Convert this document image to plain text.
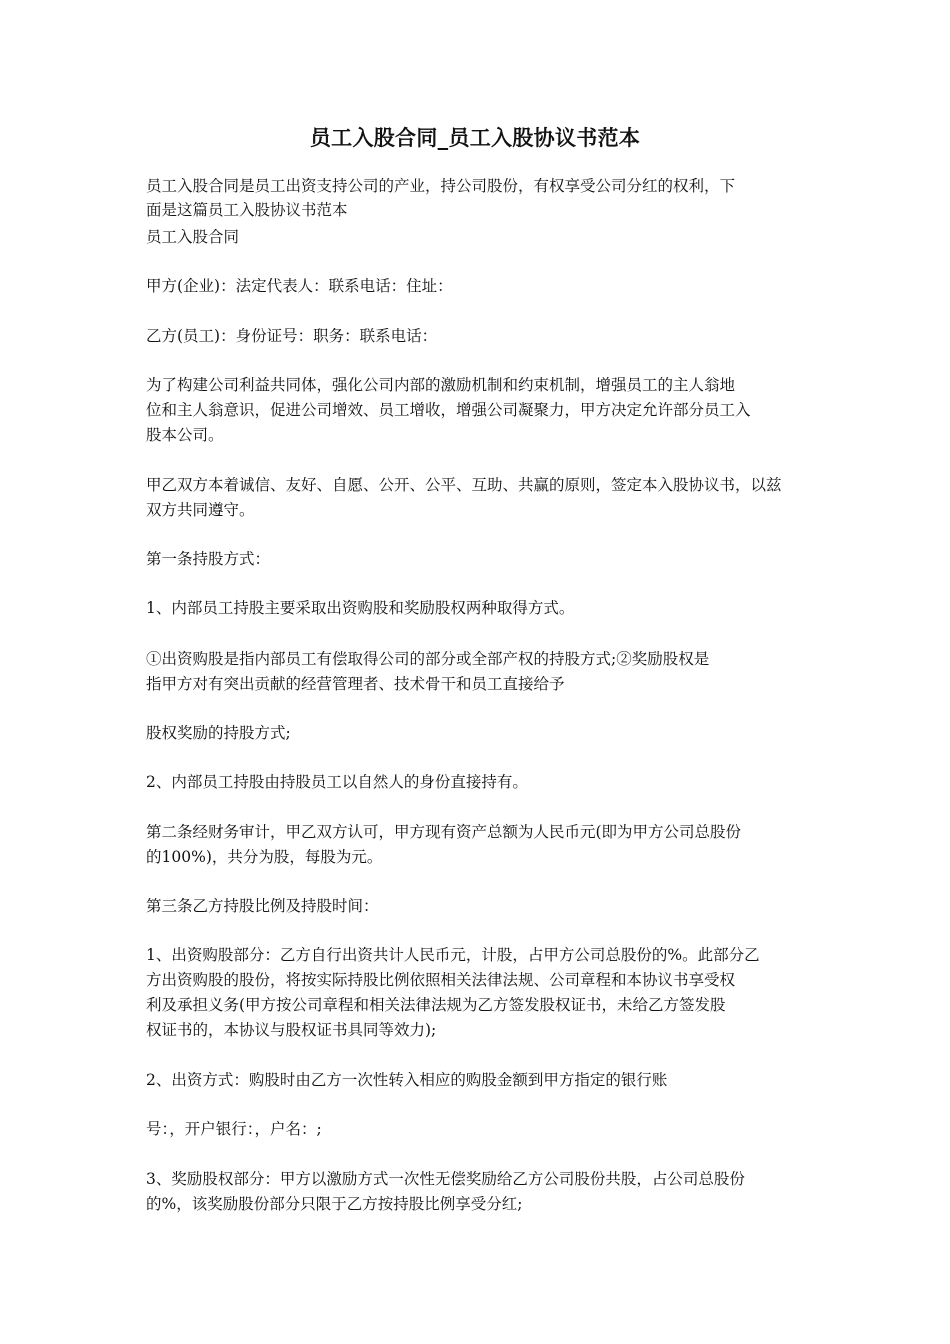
员工入股合同_员工入股协议书范本
员工入股合同是员工出资支持公司的产业，持公司股份，有权享受公司分红的权利，下
面是这篇员工入股协议书范本
员工入股合同
甲方(企业)：法定代表人：联系电话：住址：
乙方(员工)：身份证号：职务：联系电话：
为了构建公司利益共同体，强化公司内部的激励机制和约束机制，增强员工的主人翁地
位和主人翁意识，促进公司增效、员工增收，增强公司凝聚力，甲方决定允许部分员工入
股本公司。
甲乙双方本着诚信、友好、自愿、公开、公平、互助、共赢的原则，签定本入股协议书，以兹
双方共同遵守。
第一条持股方式：
1、内部员工持股主要采取出资购股和奖励股权两种取得方式。
①出资购股是指内部员工有偿取得公司的部分或全部产权的持股方式;②奖励股权是
指甲方对有突出贡献的经营管理者、技术骨干和员工直接给予
股权奖励的持股方式;
2、内部员工持股由持股员工以自然人的身份直接持有。
第二条经财务审计，甲乙双方认可，甲方现有资产总额为人民币元(即为甲方公司总股份
的100%)，共分为股，每股为元。
第三条乙方持股比例及持股时间：
1、出资购股部分：乙方自行出资共计人民币元，计股，占甲方公司总股份的%。此部分乙
方出资购股的股份，将按实际持股比例依照相关法律法规、公司章程和本协议书享受权
利及承担义务(甲方按公司章程和相关法律法规为乙方签发股权证书，未给乙方签发股
权证书的，本协议与股权证书具同等效力);
2、出资方式：购股时由乙方一次性转入相应的购股金额到甲方指定的银行账
号：，开户银行：，户名：;
3、奖励股权部分：甲方以激励方式一次性无偿奖励给乙方公司股份共股，占公司总股份
的%，该奖励股份部分只限于乙方按持股比例享受分红;
